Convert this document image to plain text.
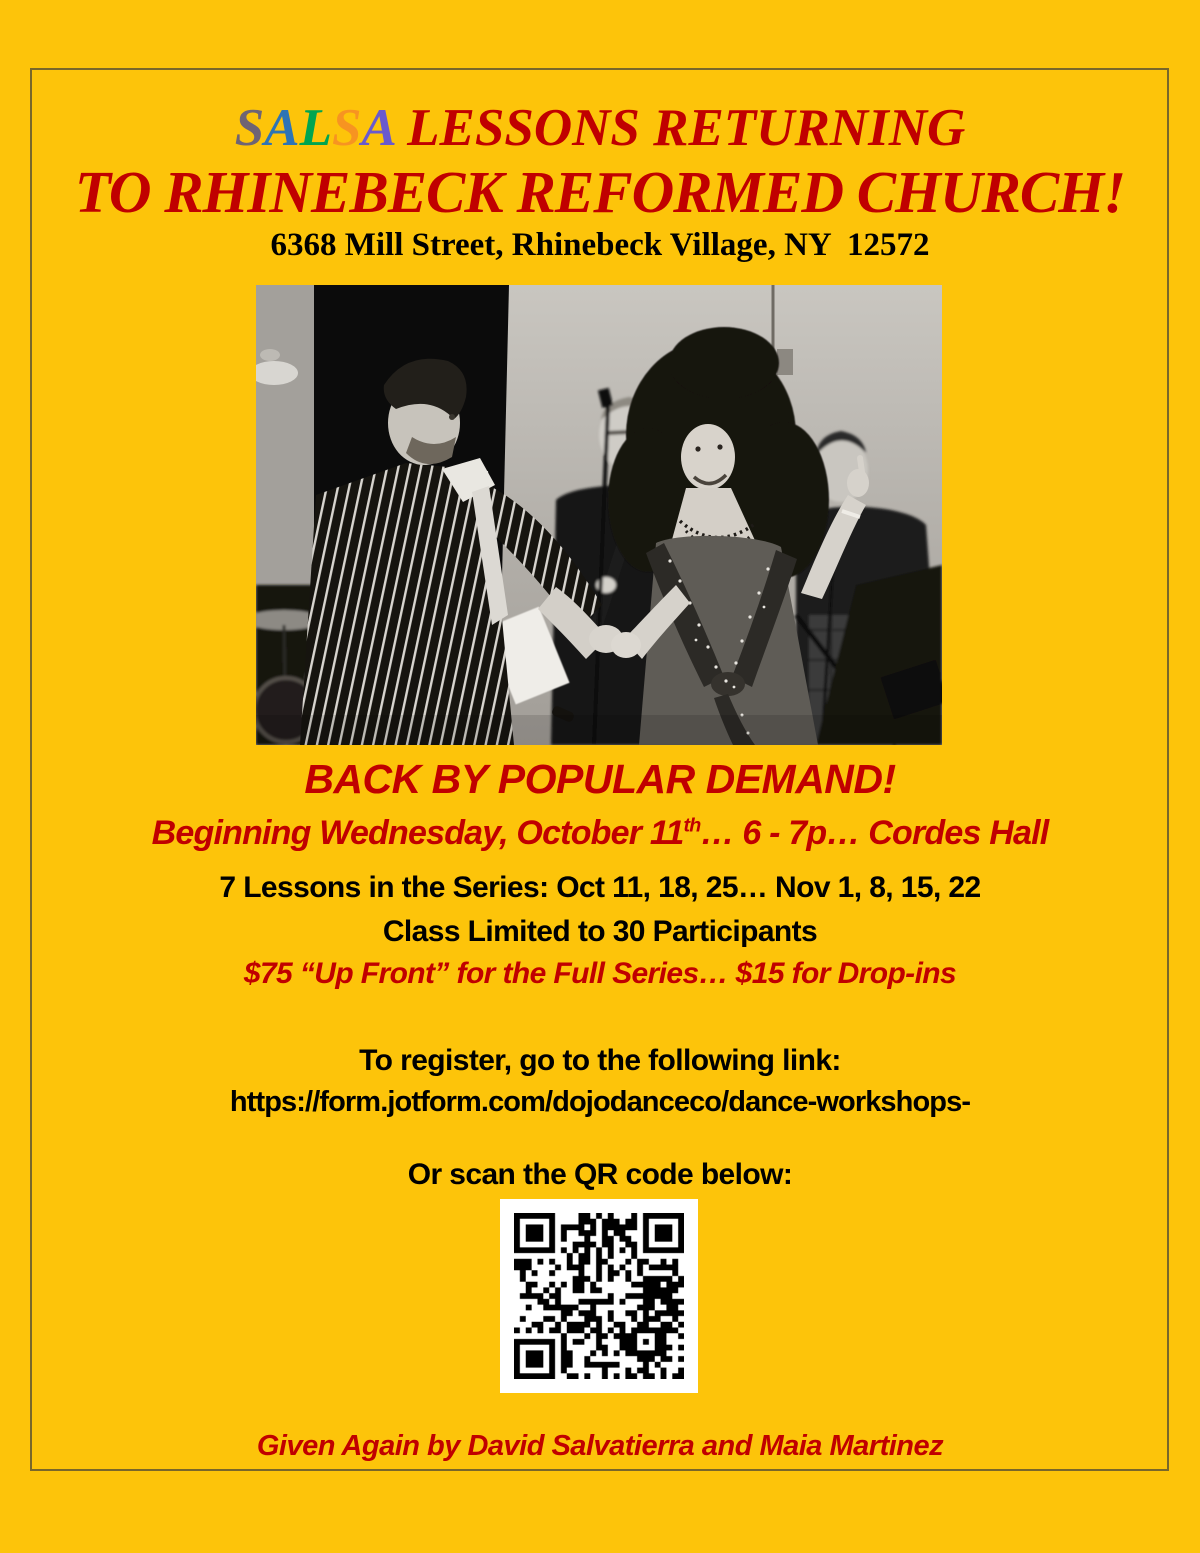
SALSA LESSONS RETURNING
TO RHINEBECK REFORMED CHURCH!
6368 Mill Street, Rhinebeck Village, NY  12572
BACK BY POPULAR DEMAND!
Beginning Wednesday, October 11th… 6 - 7p… Cordes Hall
7 Lessons in the Series: Oct 11, 18, 25… Nov 1, 8, 15, 22
Class Limited to 30 Participants
$75 “Up Front” for the Full Series… $15 for Drop-ins
To register, go to the following link:
https://form.jotform.com/dojodanceco/dance-workshops-
Or scan the QR code below:
Given Again by David Salvatierra and Maia Martinez
